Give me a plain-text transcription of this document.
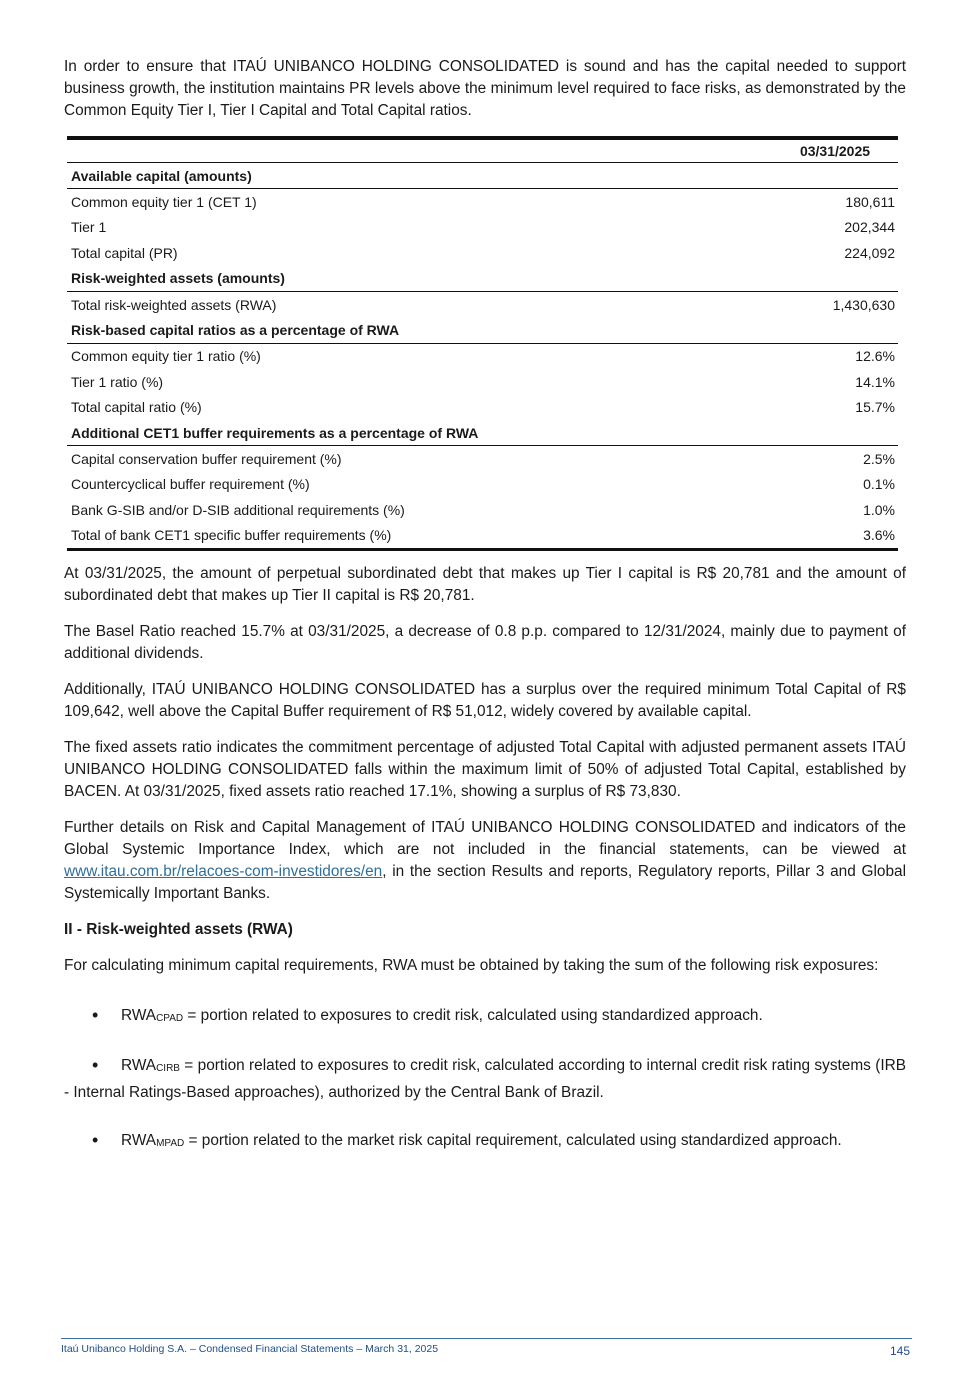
In order to ensure that ITAÚ UNIBANCO HOLDING CONSOLIDATED is sound and has the capital needed to support business growth, the institution maintains PR levels above the minimum level required to face risks, as demonstrated by the Common Equity Tier I, Tier I Capital and Total Capital ratios.

	03/31/2025
Available capital (amounts)	
Common equity tier 1 (CET 1)	180,611
Tier 1	202,344
Total capital (PR)	224,092
Risk-weighted assets (amounts)	
Total risk-weighted assets (RWA)	1,430,630
Risk-based capital ratios as a percentage of RWA	
Common equity tier 1 ratio (%)	12.6%
Tier 1 ratio (%)	14.1%
Total capital ratio (%)	15.7%
Additional CET1 buffer requirements as a percentage of RWA	
Capital conservation buffer requirement (%)	2.5%
Countercyclical buffer requirement (%)	0.1%
Bank G-SIB and/or D-SIB additional requirements (%)	1.0%
Total of bank CET1 specific buffer requirements (%)	3.6%

At 03/31/2025, the amount of perpetual subordinated debt that makes up Tier I capital is R$ 20,781 and the amount of subordinated debt that makes up Tier II capital is R$ 20,781.

The Basel Ratio reached 15.7% at 03/31/2025, a decrease of 0.8 p.p. compared to 12/31/2024, mainly due to payment of additional dividends.

Additionally, ITAÚ UNIBANCO HOLDING CONSOLIDATED has a surplus over the required minimum Total Capital of R$ 109,642, well above the Capital Buffer requirement of R$ 51,012, widely covered by available capital.

The fixed assets ratio indicates the commitment percentage of adjusted Total Capital with adjusted permanent assets ITAÚ UNIBANCO HOLDING CONSOLIDATED falls within the maximum limit of 50% of adjusted Total Capital, established by BACEN. At 03/31/2025, fixed assets ratio reached 17.1%, showing a surplus of R$ 73,830.

Further details on Risk and Capital Management of ITAÚ UNIBANCO HOLDING CONSOLIDATED and indicators of the Global Systemic Importance Index, which are not included in the financial statements, can be viewed at www.itau.com.br/relacoes-com-investidores/en, in the section Results and reports, Regulatory reports, Pillar 3 and Global Systemically Important Banks.

II - Risk-weighted assets (RWA)

For calculating minimum capital requirements, RWA must be obtained by taking the sum of the following risk exposures:

•	$RWA_{CPAD}$ = portion related to exposures to credit risk, calculated using standardized approach.
•	$RWA_{CIRB}$ = portion related to exposures to credit risk, calculated according to internal credit risk rating systems (IRB - Internal Ratings-Based approaches), authorized by the Central Bank of Brazil.
•	$RWA_{MPAD}$ = portion related to the market risk capital requirement, calculated using standardized approach.
Itaú Unibanco Holding S.A. – Condensed Financial Statements – March 31, 2025	145
